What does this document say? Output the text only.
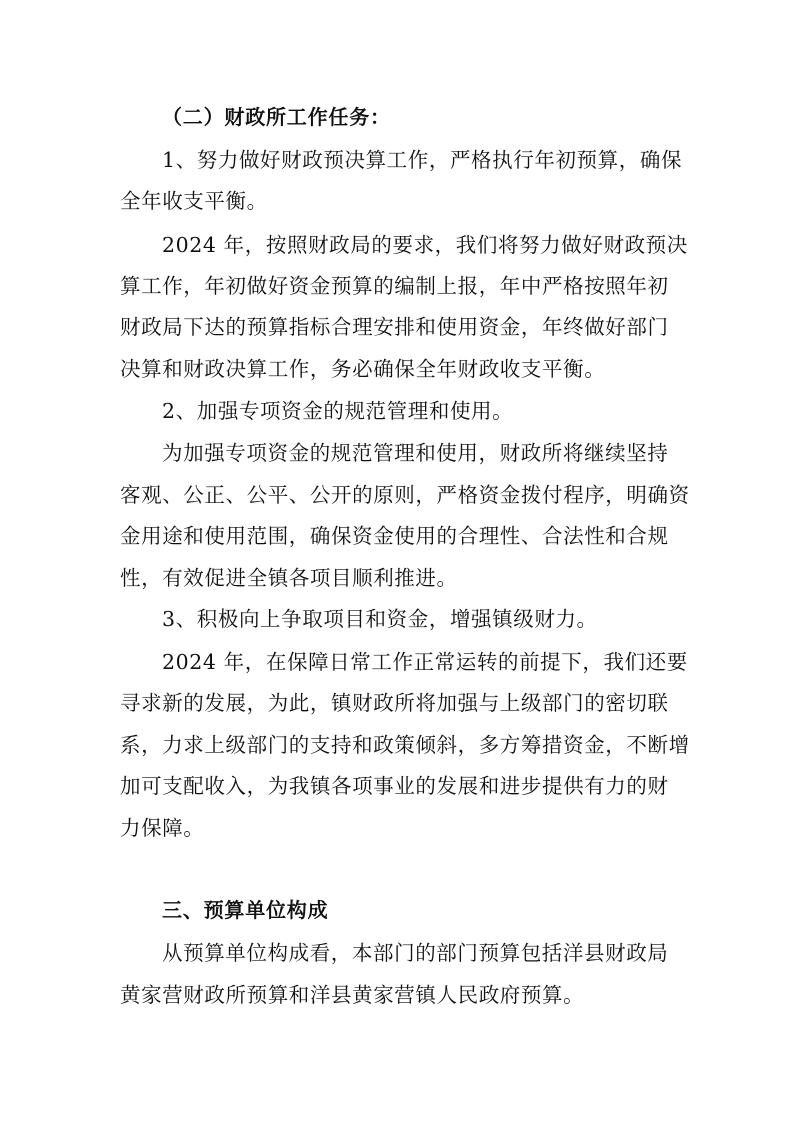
（二）财政所工作任务：

1、努力做好财政预决算工作，严格执行年初预算，确保

全年收支平衡。

2024 年，按照财政局的要求，我们将努力做好财政预决

算工作，年初做好资金预算的编制上报，年中严格按照年初

财政局下达的预算指标合理安排和使用资金，年终做好部门

决算和财政决算工作，务必确保全年财政收支平衡。

2、加强专项资金的规范管理和使用。

为加强专项资金的规范管理和使用，财政所将继续坚持

客观、公正、公平、公开的原则，严格资金拨付程序，明确资

金用途和使用范围，确保资金使用的合理性、合法性和合规

性，有效促进全镇各项目顺利推进。

3、积极向上争取项目和资金，增强镇级财力。

2024 年，在保障日常工作正常运转的前提下，我们还要

寻求新的发展，为此，镇财政所将加强与上级部门的密切联

系，力求上级部门的支持和政策倾斜，多方筹措资金，不断增

加可支配收入，为我镇各项事业的发展和进步提供有力的财

力保障。

三、预算单位构成

从预算单位构成看，本部门的部门预算包括洋县财政局

黄家营财政所预算和洋县黄家营镇人民政府预算。
